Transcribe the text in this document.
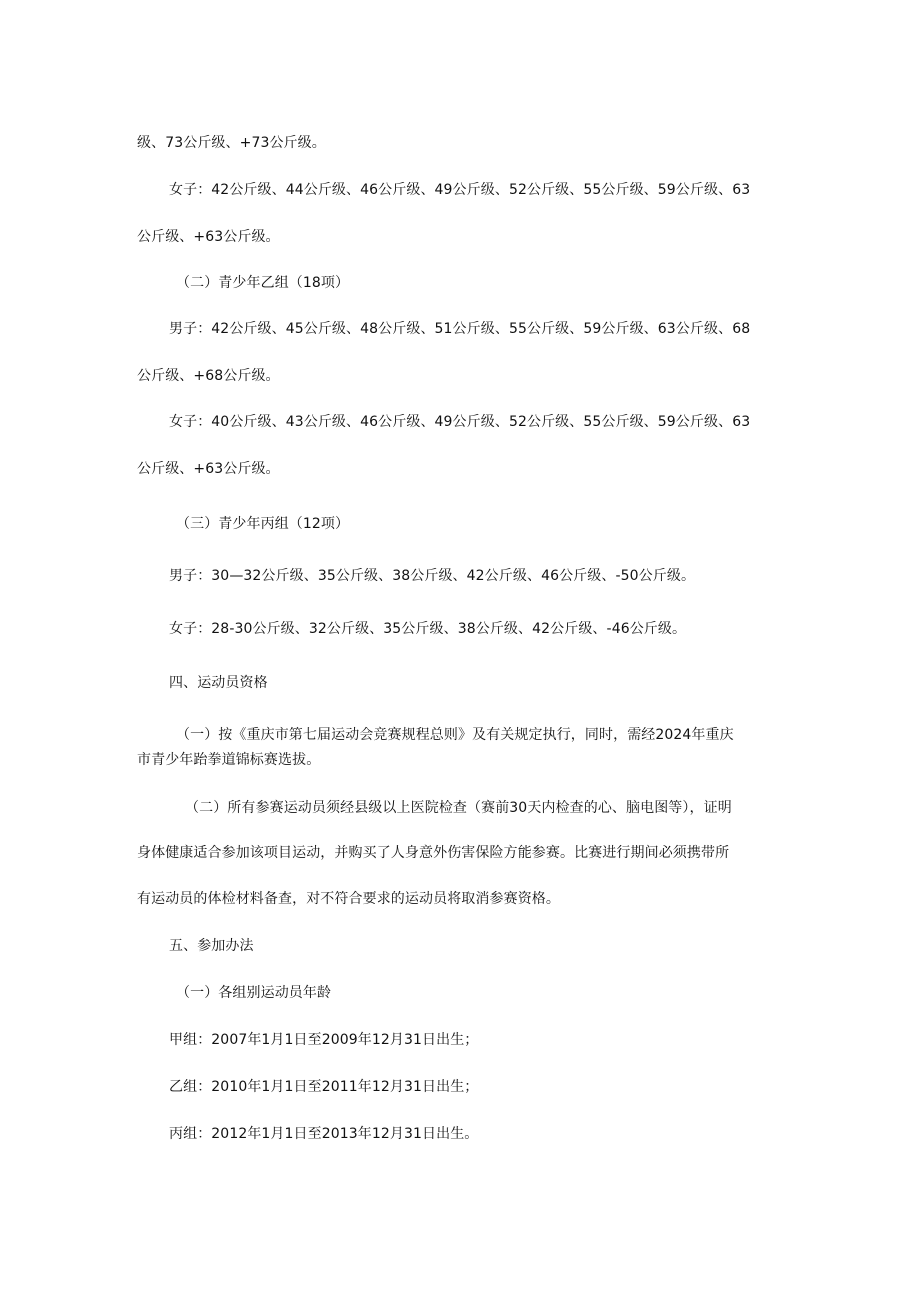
级、73公斤级、+73公斤级。

女子：42公斤级、44公斤级、46公斤级、49公斤级、52公斤级、55公斤级、59公斤级、63

公斤级、+63公斤级。

（二）青少年乙组（18项）

男子：42公斤级、45公斤级、48公斤级、51公斤级、55公斤级、59公斤级、63公斤级、68

公斤级、+68公斤级。

女子：40公斤级、43公斤级、46公斤级、49公斤级、52公斤级、55公斤级、59公斤级、63

公斤级、+63公斤级。

（三）青少年丙组（12项）

男子：30—32公斤级、35公斤级、38公斤级、42公斤级、46公斤级、-50公斤级。

女子：28-30公斤级、32公斤级、35公斤级、38公斤级、42公斤级、-46公斤级。

四、运动员资格

（一）按《重庆市第七届运动会竞赛规程总则》及有关规定执行，同时，需经2024年重庆

市青少年跆拳道锦标赛选拔。

（二）所有参赛运动员须经县级以上医院检查（赛前30天内检查的心、脑电图等），证明

身体健康适合参加该项目运动，并购买了人身意外伤害保险方能参赛。比赛进行期间必须携带所

有运动员的体检材料备查，对不符合要求的运动员将取消参赛资格。

五、参加办法

（一）各组别运动员年龄

甲组：2007年1月1日至2009年12月31日出生；

乙组：2010年1月1日至2011年12月31日出生；

丙组：2012年1月1日至2013年12月31日出生。
